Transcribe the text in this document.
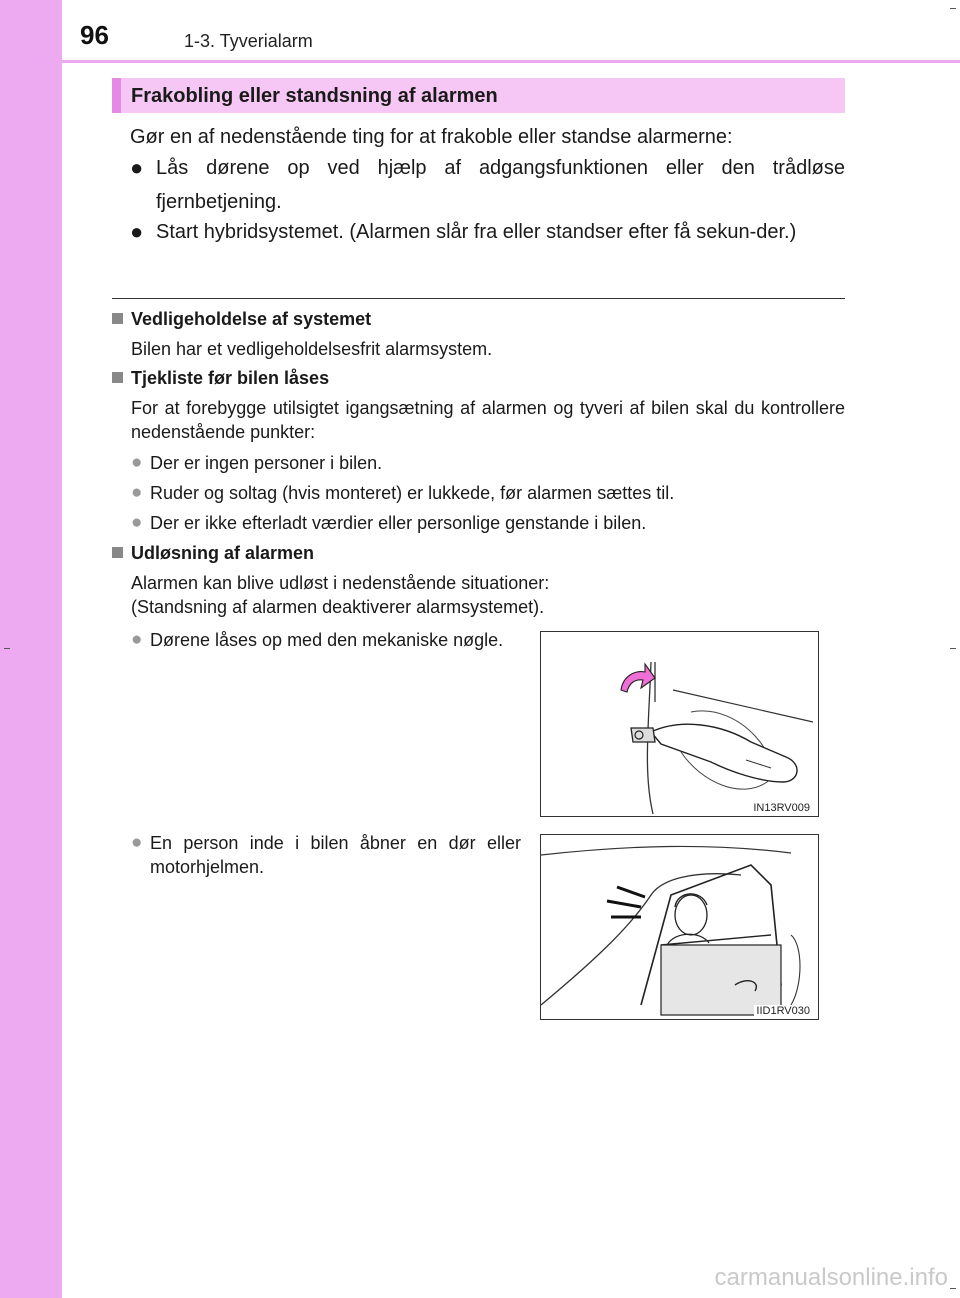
96	1-3. Tyverialarm
Frakobling eller standsning af alarmen
Gør en af nedenstående ting for at frakoble eller standse alarmerne:
● Lås dørene op ved hjælp af adgangsfunktionen eller den trådløse fjernbetjening.
● Start hybridsystemet. (Alarmen slår fra eller standser efter få sekun-der.)
Vedligeholdelse af systemet
Bilen har et vedligeholdelsesfrit alarmsystem.
Tjekliste før bilen låses
For at forebygge utilsigtet igangsætning af alarmen og tyveri af bilen skal du kontrollere nedenstående punkter:
● Der er ingen personer i bilen.
● Ruder og soltag (hvis monteret) er lukkede, før alarmen sættes til.
● Der er ikke efterladt værdier eller personlige genstande i bilen.
Udløsning af alarmen
Alarmen kan blive udløst i nedenstående situationer:
(Standsning af alarmen deaktiverer alarmsystemet).
● Dørene låses op med den mekaniske nøgle.
● En person inde i bilen åbner en dør eller motorhjelmen.
IN13RV009
IID1RV030
carmanualsonline.info
